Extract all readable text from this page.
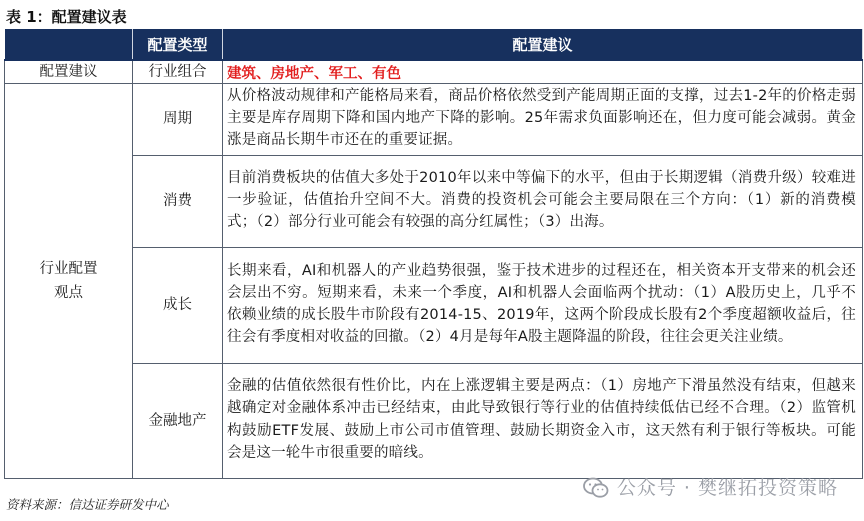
表 1：配置建议表
	配置类型	配置建议
配置建议	行业组合	建筑、房地产、军工、有色

行业配置观点	周期	从价格波动规律和产能格局来看，商品价格依然受到产能周期正面的支撑，过去1-2年的价格走弱主要是库存周期下降和国内地产下降的影响。25年需求负面影响还在，但力度可能会减弱。黄金涨是商品长期牛市还在的重要证据。
	消费	目前消费板块的估值大多处于2010年以来中等偏下的水平，但由于长期逻辑（消费升级）较难进一步验证，估值抬升空间不大。消费的投资机会可能会主要局限在三个方向：（1）新的消费模式；（2）部分行业可能会有较强的高分红属性；（3）出海。
	成长	长期来看，AI和机器人的产业趋势很强，鉴于技术进步的过程还在，相关资本开支带来的机会还会层出不穷。短期来看，未来一个季度，AI和机器人会面临两个扰动：（1）A股历史上，几乎不依赖业绩的成长股牛市阶段有2014-15、2019年，这两个阶段成长股有2个季度超额收益后，往往会有季度相对收益的回撤。（2）4月是每年A股主题降温的阶段，往往会更关注业绩。
	金融地产	金融的估值依然很有性价比，内在上涨逻辑主要是两点：（1）房地产下滑虽然没有结束，但越来越确定对金融体系冲击已经结束，由此导致银行等行业的估值持续低估已经不合理。（2）监管机构鼓励ETF发展、鼓励上市公司市值管理、鼓励长期资金入市，这天然有利于银行等板块。可能会是这一轮牛市很重要的暗线。
资料来源：信达证券研发中心
公众号 · 樊继拓投资策略
